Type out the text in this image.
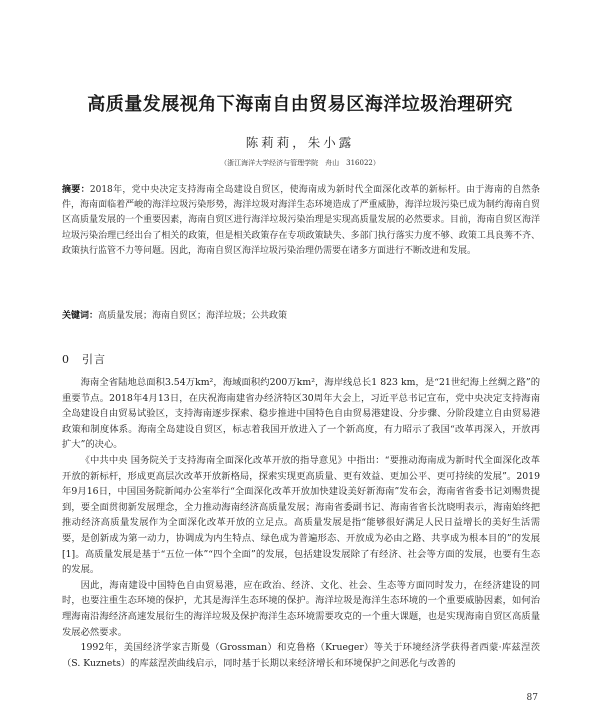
高质量发展视角下海南自由贸易区海洋垃圾治理研究
陈莉莉，朱小露
（浙江海洋大学经济与管理学院　舟山　316022）
摘要：2018年，党中央决定支持海南全岛建设自贸区，使海南成为新时代全面深化改革的新标杆。由于海南的自然条件，海南面临着严峻的海洋垃圾污染形势，海洋垃圾对海洋生态环境造成了严重威胁，海洋垃圾污染已成为制约海南自贸区高质量发展的一个重要因素，海南自贸区进行海洋垃圾污染治理是实现高质量发展的必然要求。目前，海南自贸区海洋垃圾污染治理已经出台了相关的政策，但是相关政策存在专项政策缺失、多部门执行落实力度不够、政策工具良莠不齐、政策执行监管不力等问题。因此，海南自贸区海洋垃圾污染治理仍需要在诸多方面进行不断改进和发展。
关键词：高质量发展；海南自贸区；海洋垃圾；公共政策
0　引言

海南全省陆地总面积3.54万km²，海域面积约200万km²，海岸线总长1 823 km，是“21世纪海上丝绸之路”的重要节点。2018年4月13日，在庆祝海南建省办经济特区30周年大会上，习近平总书记宣布，党中央决定支持海南全岛建设自由贸易试验区，支持海南逐步探索、稳步推进中国特色自由贸易港建设、分步骤、分阶段建立自由贸易港政策和制度体系。海南全岛建设自贸区，标志着我国开放进入了一个新高度，有力昭示了我国“改革再深入，开放再扩大”的决心。

《中共中央 国务院关于支持海南全面深化改革开放的指导意见》中指出：“要推动海南成为新时代全面深化改革开放的新标杆，形成更高层次改革开放新格局，探索实现更高质量、更有效益、更加公平、更可持续的发展”。2019年9月16日，中国国务院新闻办公室举行“全面深化改革开放加快建设美好新海南”发布会，海南省省委书记刘赐贵提到，要全面贯彻新发展理念，全力推动海南经济高质量发展；海南省委副书记、海南省省长沈晓明表示，海南始终把推动经济高质量发展作为全面深化改革开放的立足点。高质量发展是指“能够很好满足人民日益增长的美好生活需要，是创新成为第一动力，协调成为内生特点、绿色成为普遍形态、开放成为必由之路、共享成为根本目的”的发展[1]。高质量发展是基于“五位一体”“四个全面”的发展，包括建设发展除了有经济、社会等方面的发展，也要有生态的发展。

因此，海南建设中国特色自由贸易港，应在政治、经济、文化、社会、生态等方面同时发力，在经济建设的同时，也要注重生态环境的保护，尤其是海洋生态环境的保护。海洋垃圾是海洋生态环境的一个重要威胁因素，如何治理海南沿海经济高速发展衍生的海洋垃圾及保护海洋生态环境需要攻克的一个重大课题，也是实现海南自贸区高质量发展必然要求。

1992年，美国经济学家吉斯曼（Grossman）和克鲁格（Krueger）等关于环境经济学获得者西蒙·库兹涅茨（S. Kuznets）的库兹涅茨曲线启示，同时基于长期以来经济增长和环境保护之间恶化与改善的

87
